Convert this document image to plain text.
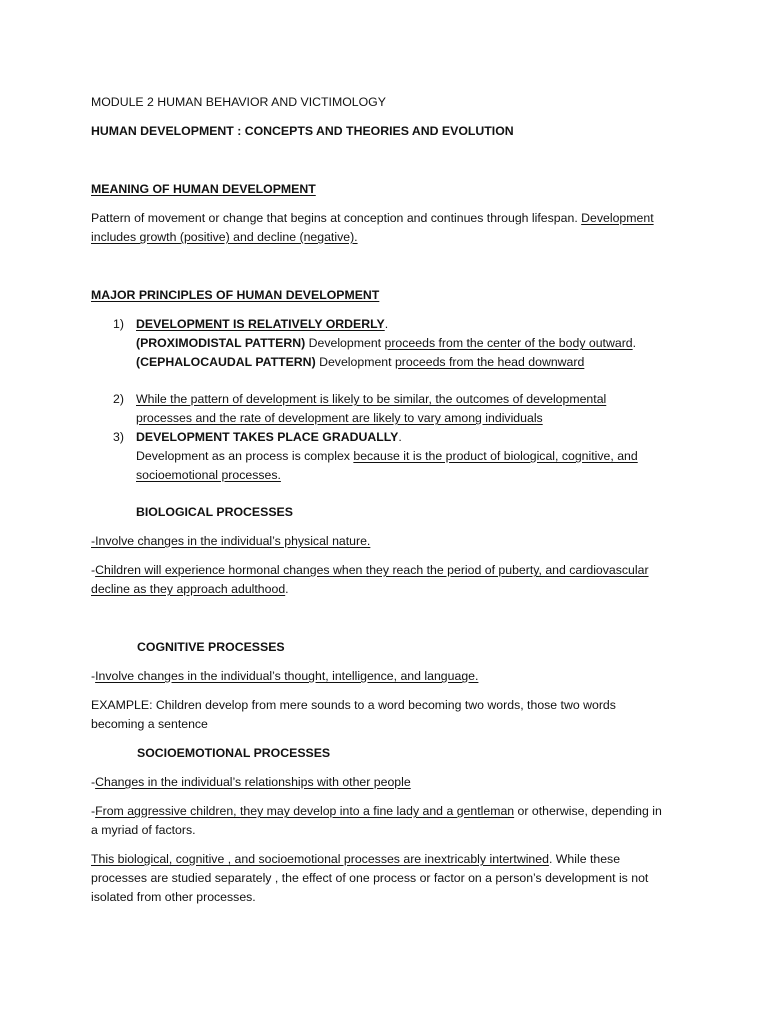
MODULE 2 HUMAN BEHAVIOR AND VICTIMOLOGY
HUMAN DEVELOPMENT : CONCEPTS AND THEORIES AND EVOLUTION
MEANING OF HUMAN DEVELOPMENT
Pattern of movement or change that begins at conception and continues through lifespan. Development
includes growth (positive) and decline (negative).
MAJOR PRINCIPLES OF HUMAN DEVELOPMENT
1) DEVELOPMENT IS RELATIVELY ORDERLY.
(PROXIMODISTAL PATTERN) Development proceeds from the center of the body outward.
(CEPHALOCAUDAL PATTERN) Development proceeds from the head downward
2) While the pattern of development is likely to be similar, the outcomes of developmental
processes and the rate of development are likely to vary among individuals
3) DEVELOPMENT TAKES PLACE GRADUALLY.
Development as an process is complex because it is the product of biological, cognitive, and
socioemotional processes.
BIOLOGICAL PROCESSES
-Involve changes in the individual’s physical nature.
-Children will experience hormonal changes when they reach the period of puberty, and cardiovascular
decline as they approach adulthood.
COGNITIVE PROCESSES
-Involve changes in the individual’s thought, intelligence, and language.
EXAMPLE: Children develop from mere sounds to a word becoming two words, those two words
becoming a sentence
SOCIOEMOTIONAL PROCESSES
-Changes in the individual’s relationships with other people
-From aggressive children, they may develop into a fine lady and a gentleman or otherwise, depending in
a myriad of factors.
This biological, cognitive , and socioemotional processes are inextricably intertwined. While these
processes are studied separately , the effect of one process or factor on a person’s development is not
isolated from other processes.
